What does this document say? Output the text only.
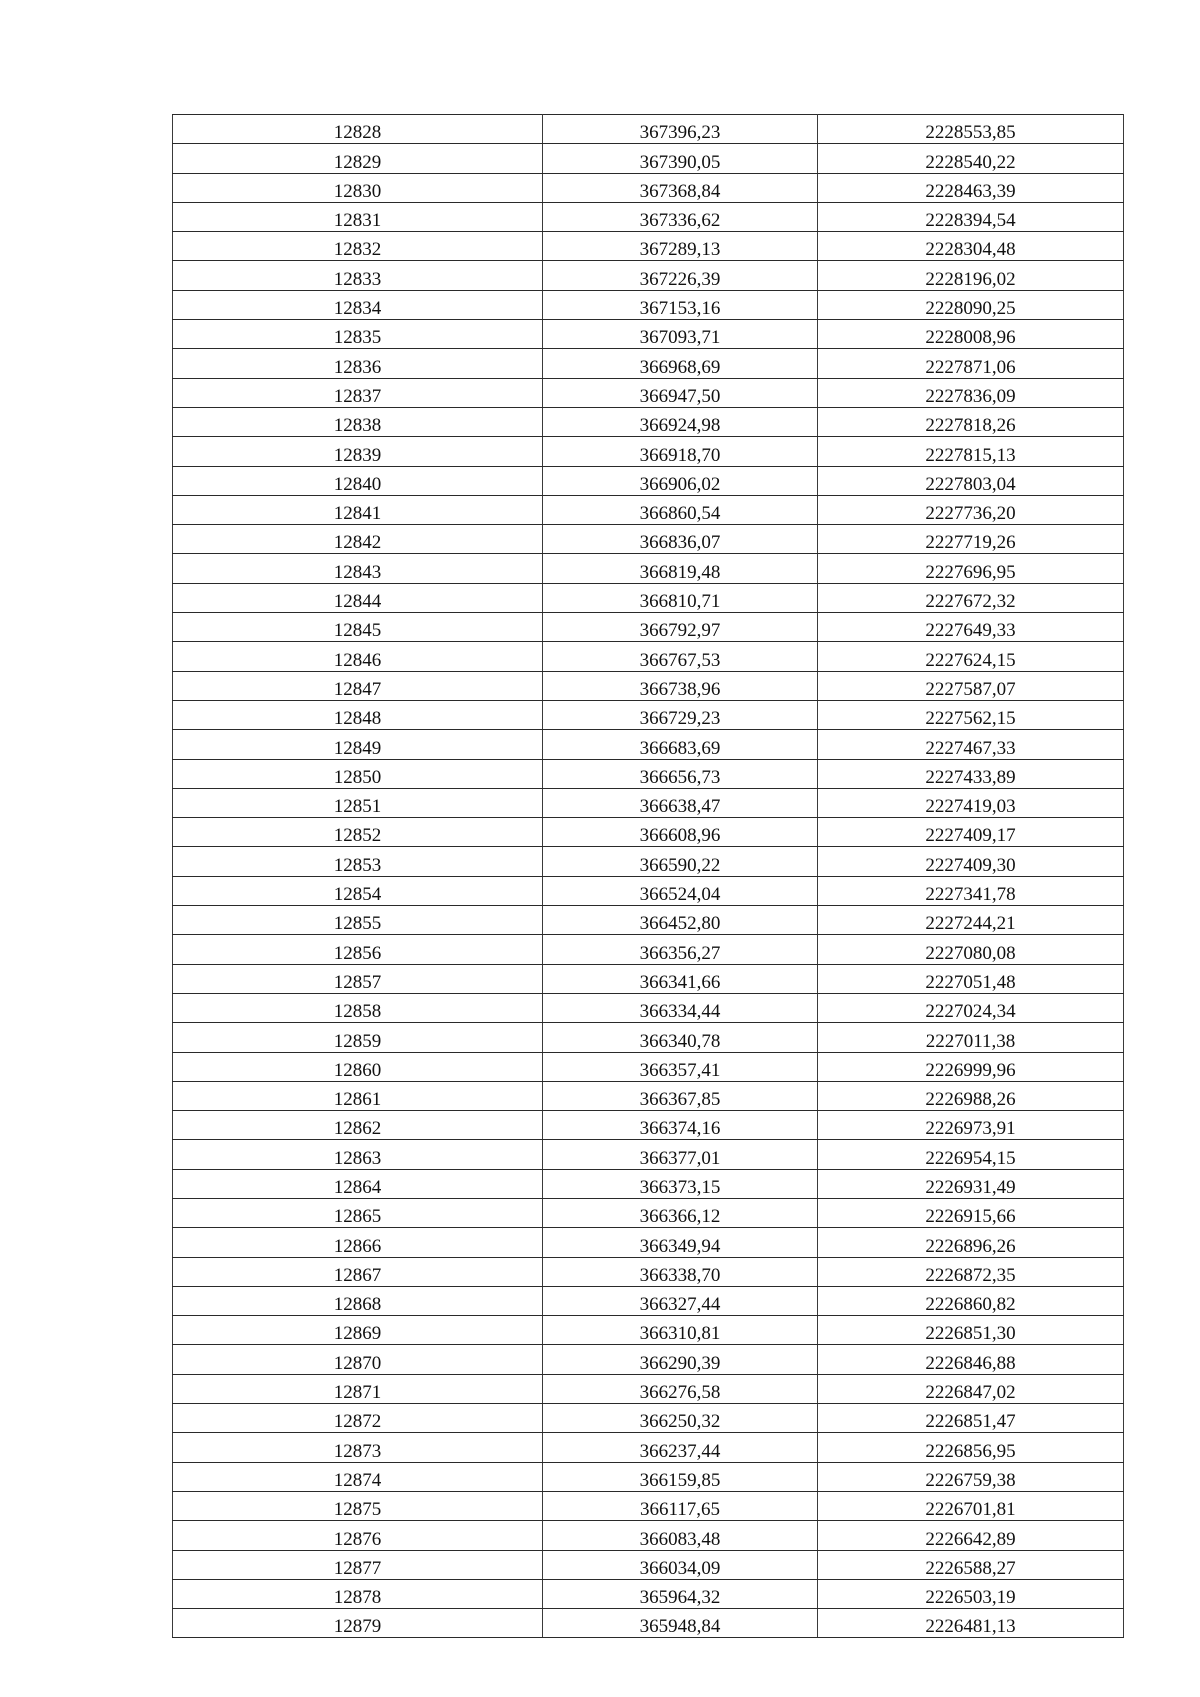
12828	367396,23	2228553,85
12829	367390,05	2228540,22
12830	367368,84	2228463,39
12831	367336,62	2228394,54
12832	367289,13	2228304,48
12833	367226,39	2228196,02
12834	367153,16	2228090,25
12835	367093,71	2228008,96
12836	366968,69	2227871,06
12837	366947,50	2227836,09
12838	366924,98	2227818,26
12839	366918,70	2227815,13
12840	366906,02	2227803,04
12841	366860,54	2227736,20
12842	366836,07	2227719,26
12843	366819,48	2227696,95
12844	366810,71	2227672,32
12845	366792,97	2227649,33
12846	366767,53	2227624,15
12847	366738,96	2227587,07
12848	366729,23	2227562,15
12849	366683,69	2227467,33
12850	366656,73	2227433,89
12851	366638,47	2227419,03
12852	366608,96	2227409,17
12853	366590,22	2227409,30
12854	366524,04	2227341,78
12855	366452,80	2227244,21
12856	366356,27	2227080,08
12857	366341,66	2227051,48
12858	366334,44	2227024,34
12859	366340,78	2227011,38
12860	366357,41	2226999,96
12861	366367,85	2226988,26
12862	366374,16	2226973,91
12863	366377,01	2226954,15
12864	366373,15	2226931,49
12865	366366,12	2226915,66
12866	366349,94	2226896,26
12867	366338,70	2226872,35
12868	366327,44	2226860,82
12869	366310,81	2226851,30
12870	366290,39	2226846,88
12871	366276,58	2226847,02
12872	366250,32	2226851,47
12873	366237,44	2226856,95
12874	366159,85	2226759,38
12875	366117,65	2226701,81
12876	366083,48	2226642,89
12877	366034,09	2226588,27
12878	365964,32	2226503,19
12879	365948,84	2226481,13
